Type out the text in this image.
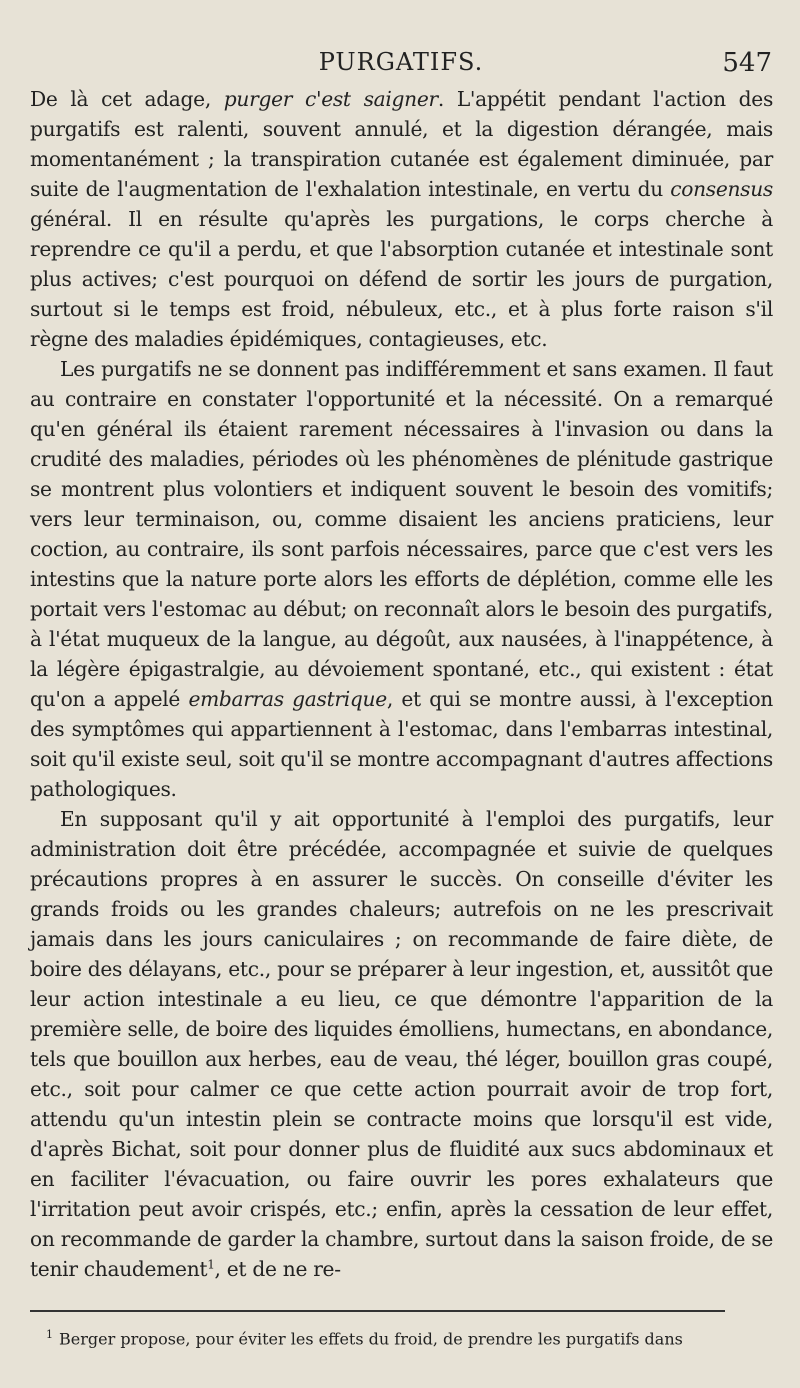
PURGATIFS.	547

De là cet adage, purger c'est saigner. L'appétit pendant l'action des purgatifs est ralenti, souvent annulé, et la digestion dérangée, mais momentanément ; la transpiration cutanée est également diminuée, par suite de l'augmentation de l'exhalation intestinale, en vertu du consensus général. Il en résulte qu'après les purgations, le corps cherche à reprendre ce qu'il a perdu, et que l'absorption cutanée et intestinale sont plus actives; c'est pourquoi on défend de sortir les jours de purgation, surtout si le temps est froid, nébuleux, etc., et à plus forte raison s'il règne des maladies épidémiques, contagieuses, etc.

Les purgatifs ne se donnent pas indifféremment et sans examen. Il faut au contraire en constater l'opportunité et la nécessité. On a remarqué qu'en général ils étaient rarement nécessaires à l'invasion ou dans la crudité des maladies, périodes où les phénomènes de plénitude gastrique se montrent plus volontiers et indiquent souvent le besoin des vomitifs; vers leur terminaison, ou, comme disaient les anciens praticiens, leur coction, au contraire, ils sont parfois nécessaires, parce que c'est vers les intestins que la nature porte alors les efforts de déplétion, comme elle les portait vers l'estomac au début; on reconnaît alors le besoin des purgatifs, à l'état muqueux de la langue, au dégoût, aux nausées, à l'inappétence, à la légère épigastralgie, au dévoiement spontané, etc., qui existent : état qu'on a appelé embarras gastrique, et qui se montre aussi, à l'exception des symptômes qui appartiennent à l'estomac, dans l'embarras intestinal, soit qu'il existe seul, soit qu'il se montre accompagnant d'autres affections pathologiques.

En supposant qu'il y ait opportunité à l'emploi des purgatifs, leur administration doit être précédée, accompagnée et suivie de quelques précautions propres à en assurer le succès. On conseille d'éviter les grands froids ou les grandes chaleurs; autrefois on ne les prescrivait jamais dans les jours caniculaires ; on recommande de faire diète, de boire des délayans, etc., pour se préparer à leur ingestion, et, aussitôt que leur action intestinale a eu lieu, ce que démontre l'apparition de la première selle, de boire des liquides émolliens, humectans, en abondance, tels que bouillon aux herbes, eau de veau, thé léger, bouillon gras coupé, etc., soit pour calmer ce que cette action pourrait avoir de trop fort, attendu qu'un intestin plein se contracte moins que lorsqu'il est vide, d'après Bichat, soit pour donner plus de fluidité aux sucs abdominaux et en faciliter l'évacuation, ou faire ouvrir les pores exhalateurs que l'irritation peut avoir crispés, etc.; enfin, après la cessation de leur effet, on recommande de garder la chambre, surtout dans la saison froide, de se tenir chaudement$^1$, et de ne re-

$^1$ Berger propose, pour éviter les effets du froid, de prendre les purgatifs dans
